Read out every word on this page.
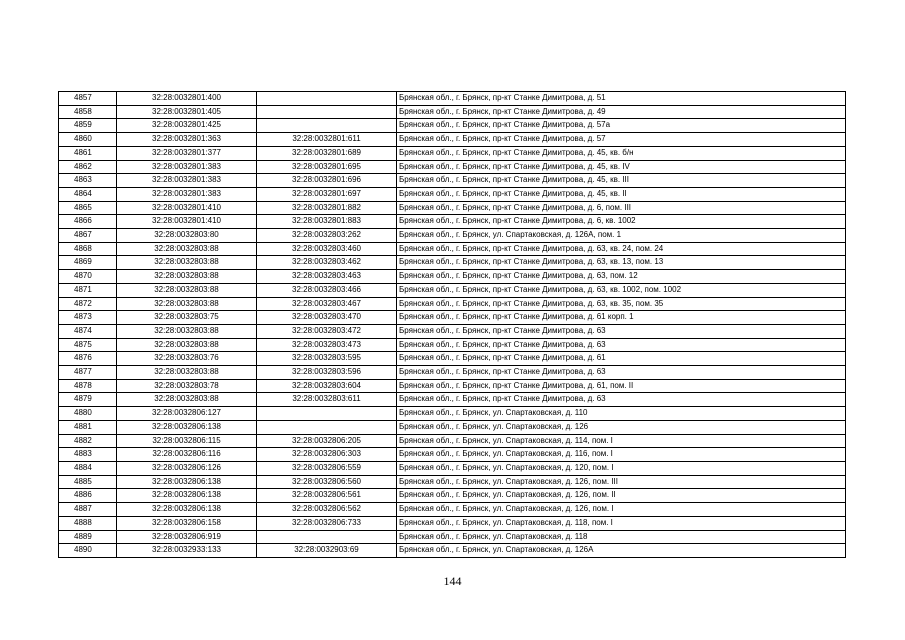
4857	32:28:0032801:400		Брянская обл., г. Брянск, пр-кт Станке Димитрова, д. 51
4858	32:28:0032801:405		Брянская обл., г. Брянск, пр-кт Станке Димитрова, д. 49
4859	32:28:0032801:425		Брянская обл., г. Брянск, пр-кт Станке Димитрова, д. 57а
4860	32:28:0032801:363	32:28:0032801:611	Брянская обл., г. Брянск, пр-кт Станке Димитрова, д. 57
4861	32:28:0032801:377	32:28:0032801:689	Брянская обл., г. Брянск, пр-кт Станке Димитрова, д. 45, кв. б/н
4862	32:28:0032801:383	32:28:0032801:695	Брянская обл., г. Брянск, пр-кт Станке Димитрова, д. 45, кв. IV
4863	32:28:0032801:383	32:28:0032801:696	Брянская обл., г. Брянск, пр-кт Станке Димитрова, д. 45, кв. III
4864	32:28:0032801:383	32:28:0032801:697	Брянская обл., г. Брянск, пр-кт Станке Димитрова, д. 45, кв. II
4865	32:28:0032801:410	32:28:0032801:882	Брянская обл., г. Брянск, пр-кт Станке Димитрова, д. 6, пом. III
4866	32:28:0032801:410	32:28:0032801:883	Брянская обл., г. Брянск, пр-кт Станке Димитрова, д. 6, кв. 1002
4867	32:28:0032803:80	32:28:0032803:262	Брянская обл., г. Брянск, ул. Спартаковская, д. 126А, пом. 1
4868	32:28:0032803:88	32:28:0032803:460	Брянская обл., г. Брянск, пр-кт Станке Димитрова, д. 63, кв. 24, пом. 24
4869	32:28:0032803:88	32:28:0032803:462	Брянская обл., г. Брянск, пр-кт Станке Димитрова, д. 63, кв. 13, пом. 13
4870	32:28:0032803:88	32:28:0032803:463	Брянская обл., г. Брянск, пр-кт Станке Димитрова, д. 63, пом. 12
4871	32:28:0032803:88	32:28:0032803:466	Брянская обл., г. Брянск, пр-кт Станке Димитрова, д. 63, кв. 1002, пом. 1002
4872	32:28:0032803:88	32:28:0032803:467	Брянская обл., г. Брянск, пр-кт Станке Димитрова, д. 63, кв. 35, пом. 35
4873	32:28:0032803:75	32:28:0032803:470	Брянская обл., г. Брянск, пр-кт Станке Димитрова, д. 61 корп. 1
4874	32:28:0032803:88	32:28:0032803:472	Брянская обл., г. Брянск, пр-кт Станке Димитрова, д. 63
4875	32:28:0032803:88	32:28:0032803:473	Брянская обл., г. Брянск, пр-кт Станке Димитрова, д. 63
4876	32:28:0032803:76	32:28:0032803:595	Брянская обл., г. Брянск, пр-кт Станке Димитрова, д. 61
4877	32:28:0032803:88	32:28:0032803:596	Брянская обл., г. Брянск, пр-кт Станке Димитрова, д. 63
4878	32:28:0032803:78	32:28:0032803:604	Брянская обл., г. Брянск, пр-кт Станке Димитрова, д. 61, пом. II
4879	32:28:0032803:88	32:28:0032803:611	Брянская обл., г. Брянск, пр-кт Станке Димитрова, д. 63
4880	32:28:0032806:127		Брянская обл., г. Брянск, ул. Спартаковская, д. 110
4881	32:28:0032806:138		Брянская обл., г. Брянск, ул. Спартаковская, д. 126
4882	32:28:0032806:115	32:28:0032806:205	Брянская обл., г. Брянск, ул. Спартаковская, д. 114, пом. I
4883	32:28:0032806:116	32:28:0032806:303	Брянская обл., г. Брянск, ул. Спартаковская, д. 116, пом. I
4884	32:28:0032806:126	32:28:0032806:559	Брянская обл., г. Брянск, ул. Спартаковская, д. 120, пом. I
4885	32:28:0032806:138	32:28:0032806:560	Брянская обл., г. Брянск, ул. Спартаковская, д. 126, пом. III
4886	32:28:0032806:138	32:28:0032806:561	Брянская обл., г. Брянск, ул. Спартаковская, д. 126, пом. II
4887	32:28:0032806:138	32:28:0032806:562	Брянская обл., г. Брянск, ул. Спартаковская, д. 126, пом. I
4888	32:28:0032806:158	32:28:0032806:733	Брянская обл., г. Брянск, ул. Спартаковская, д. 118, пом. I
4889	32:28:0032806:919		Брянская обл., г. Брянск, ул. Спартаковская, д. 118
4890	32:28:0032933:133	32:28:0032903:69	Брянская обл., г. Брянск, ул. Спартаковская, д. 126А
144
